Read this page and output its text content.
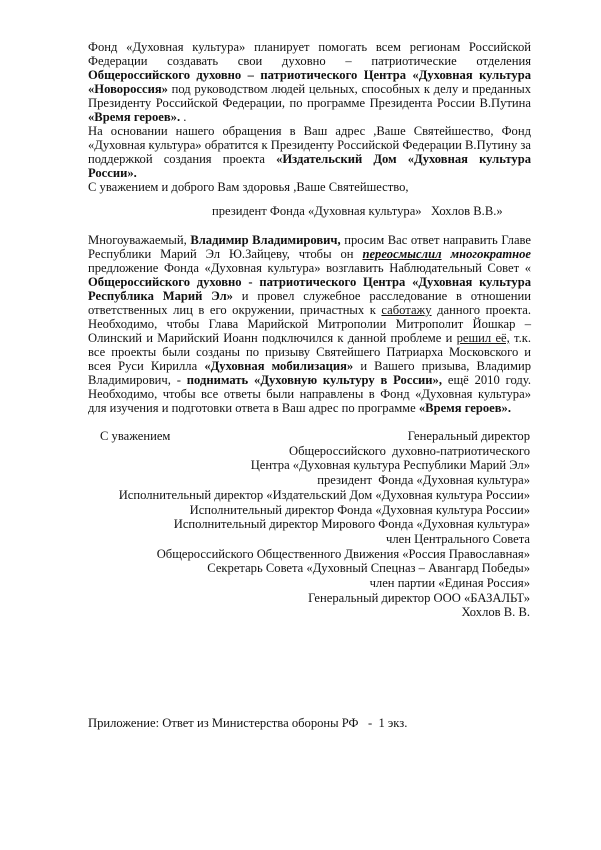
Фонд «Духовная культура» планирует помогать всем регионам Российской Федерации создавать свои духовно – патриотические отделения Общероссийского духовно – патриотического Центра «Духовная культура «Новороссия» под руководством людей цельных, способных к делу и преданных Президенту Российской Федерации, по программе Президента России В.Путина «Время героев». .

На основании нашего обращения в Ваш адрес ,Ваше Святейшество, Фонд «Духовная культура» обратится к Президенту Российской Федерации В.Путину за поддержкой создания проекта «Издательский Дом «Духовная культура России».

С уважением и доброго Вам здоровья ,Ваше Святейшество,

президент Фонда «Духовная культура»   Хохлов В.В.»

Многоуважаемый, Владимир Владимирович, просим Вас ответ направить Главе Республики Марий Эл Ю.Зайцеву, чтобы он переосмыслил многократное предложение Фонда «Духовная культура» возглавить Наблюдательный Совет « Общероссийского духовно - патриотического Центра «Духовная культура Республика Марий Эл» и провел служебное расследование в отношении ответственных лиц в его окружении, причастных к саботажу данного проекта. Необходимо, чтобы Глава Марийской Митрополии Митрополит Йошкар – Олинский и Марийский Иоанн подключился к данной проблеме и решил её, т.к. все проекты были созданы по призыву Святейшего Патриарха Московского и всея Руси Кирилла «Духовная мобилизация» и Вашего призыва, Владимир Владимирович, - поднимать «Духовную культуру в России», ещё 2010 году. Необходимо, чтобы все ответы были направлены в Фонд «Духовная культура» для изучения и подготовки ответа в Ваш адрес по программе «Время героев».

С уважением	Генеральный директор
Общероссийского  духовно-патриотического
Центра «Духовная культура Республики Марий Эл»
президент  Фонда «Духовная культура»
Исполнительный директор «Издательский Дом «Духовная культура России»
Исполнительный директор Фонда «Духовная культура России»
Исполнительный директор Мирового Фонда «Духовная культура»
член Центрального Совета
Общероссийского Общественного Движения «Россия Православная»
Секретарь Совета «Духовный Спецназ – Авангард Победы»
член партии «Единая Россия»
Генеральный директор ООО «БАЗАЛЬТ»
Хохлов В. В.
Приложение: Ответ из Министерства обороны РФ   -  1 экз.
